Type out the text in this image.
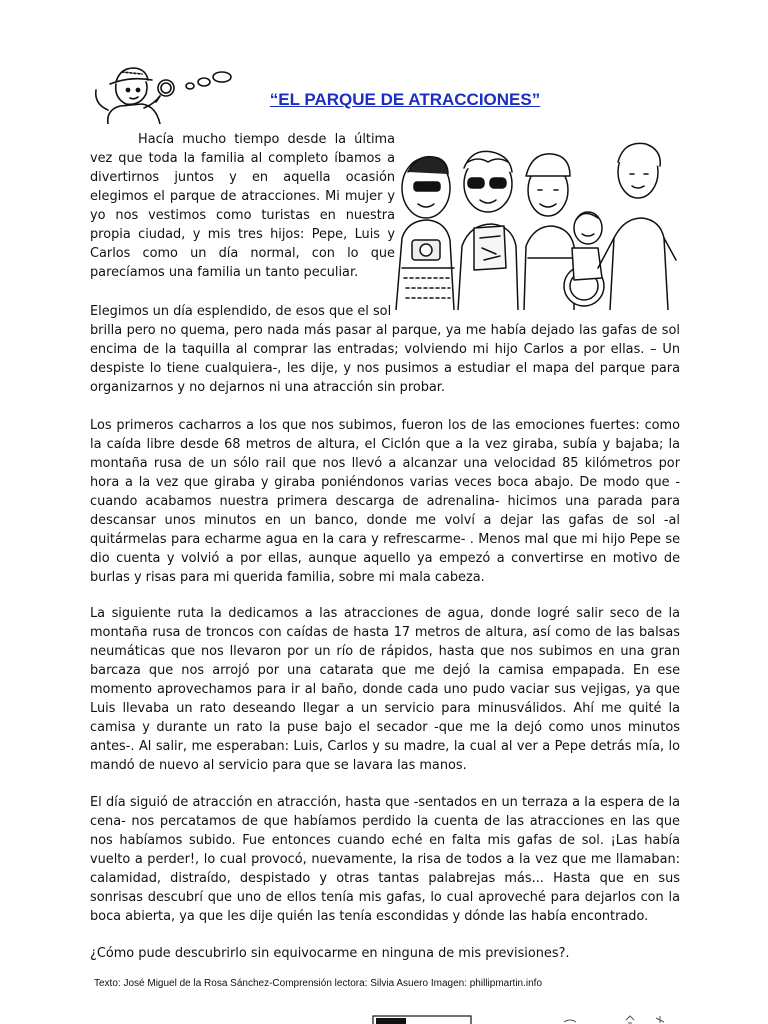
“EL PARQUE DE ATRACCIONES”

Hacía mucho tiempo desde la última vez que toda la familia al completo íbamos a divertirnos juntos y en aquella ocasión elegimos el parque de atracciones. Mi mujer y yo nos vestimos como turistas en nuestra propia ciudad, y mis tres hijos: Pepe, Luis y Carlos como un día normal, con lo que parecíamos una familia un tanto peculiar.

Elegimos un día esplendido, de esos que el sol

brilla pero no quema, pero nada más pasar al parque, ya me había dejado las gafas de sol encima de la taquilla al comprar las entradas; volviendo mi hijo Carlos a por ellas. – Un despiste lo tiene cualquiera-, les dije, y nos pusimos a estudiar el mapa del parque para organizarnos y no dejarnos ni una atracción sin probar.

Los primeros cacharros a los que nos subimos, fueron los de las emociones fuertes: como la caída libre desde 68 metros de altura, el Ciclón que a la vez giraba, subía y bajaba; la montaña rusa de un sólo rail que nos llevó a alcanzar una velocidad 85 kilómetros por hora a la vez que giraba y giraba poniéndonos varias veces boca abajo. De modo que -cuando acabamos nuestra primera descarga de adrenalina- hicimos una parada para descansar unos minutos en un banco, donde me volví a dejar las gafas de sol -al quitármelas para echarme agua en la cara y refrescarme- . Menos mal que mi hijo Pepe se dio cuenta y volvió a por ellas, aunque aquello ya empezó a convertirse en motivo de burlas y risas para mi querida familia, sobre mi mala cabeza.

La siguiente ruta la dedicamos a las atracciones de agua, donde logré salir seco de la montaña rusa de troncos con caídas de hasta 17 metros de altura, así como de las balsas neumáticas que nos llevaron por un río de rápidos, hasta que nos subimos en una gran barcaza que nos arrojó por una catarata que me dejó la camisa empapada. En ese momento aprovechamos para ir al baño, donde cada uno pudo vaciar sus vejigas, ya que Luis llevaba un rato deseando llegar a un servicio para minusválidos. Ahí me quité la camisa y durante un rato la puse bajo el secador -que me la dejó como unos minutos antes-. Al salir, me esperaban: Luis, Carlos y su madre, la cual al ver a Pepe detrás mía, lo mandó de nuevo al servicio para que se lavara las manos.

El día siguió de atracción en atracción, hasta que -sentados en un terraza a la espera de la cena- nos percatamos de que habíamos perdido la cuenta de las atracciones en las que nos habíamos subido. Fue entonces cuando eché en falta mis gafas de sol. ¡Las había vuelto a perder!, lo cual provocó, nuevamente, la risa de todos a la vez que me llamaban: calamidad, distraído, despistado y otras tantas palabrejas más... Hasta que en sus sonrisas descubrí que uno de ellos tenía mis gafas, lo cual aproveché para dejarlos con la boca abierta, ya que les dije quién las tenía escondidas y dónde las había encontrado.

¿Cómo pude descubrirlo sin equivocarme en ninguna de mis previsiones?.

Texto: José Miguel de la Rosa Sánchez-Comprensión lectora: Silvia Asuero Imagen: phillipmartin.info
